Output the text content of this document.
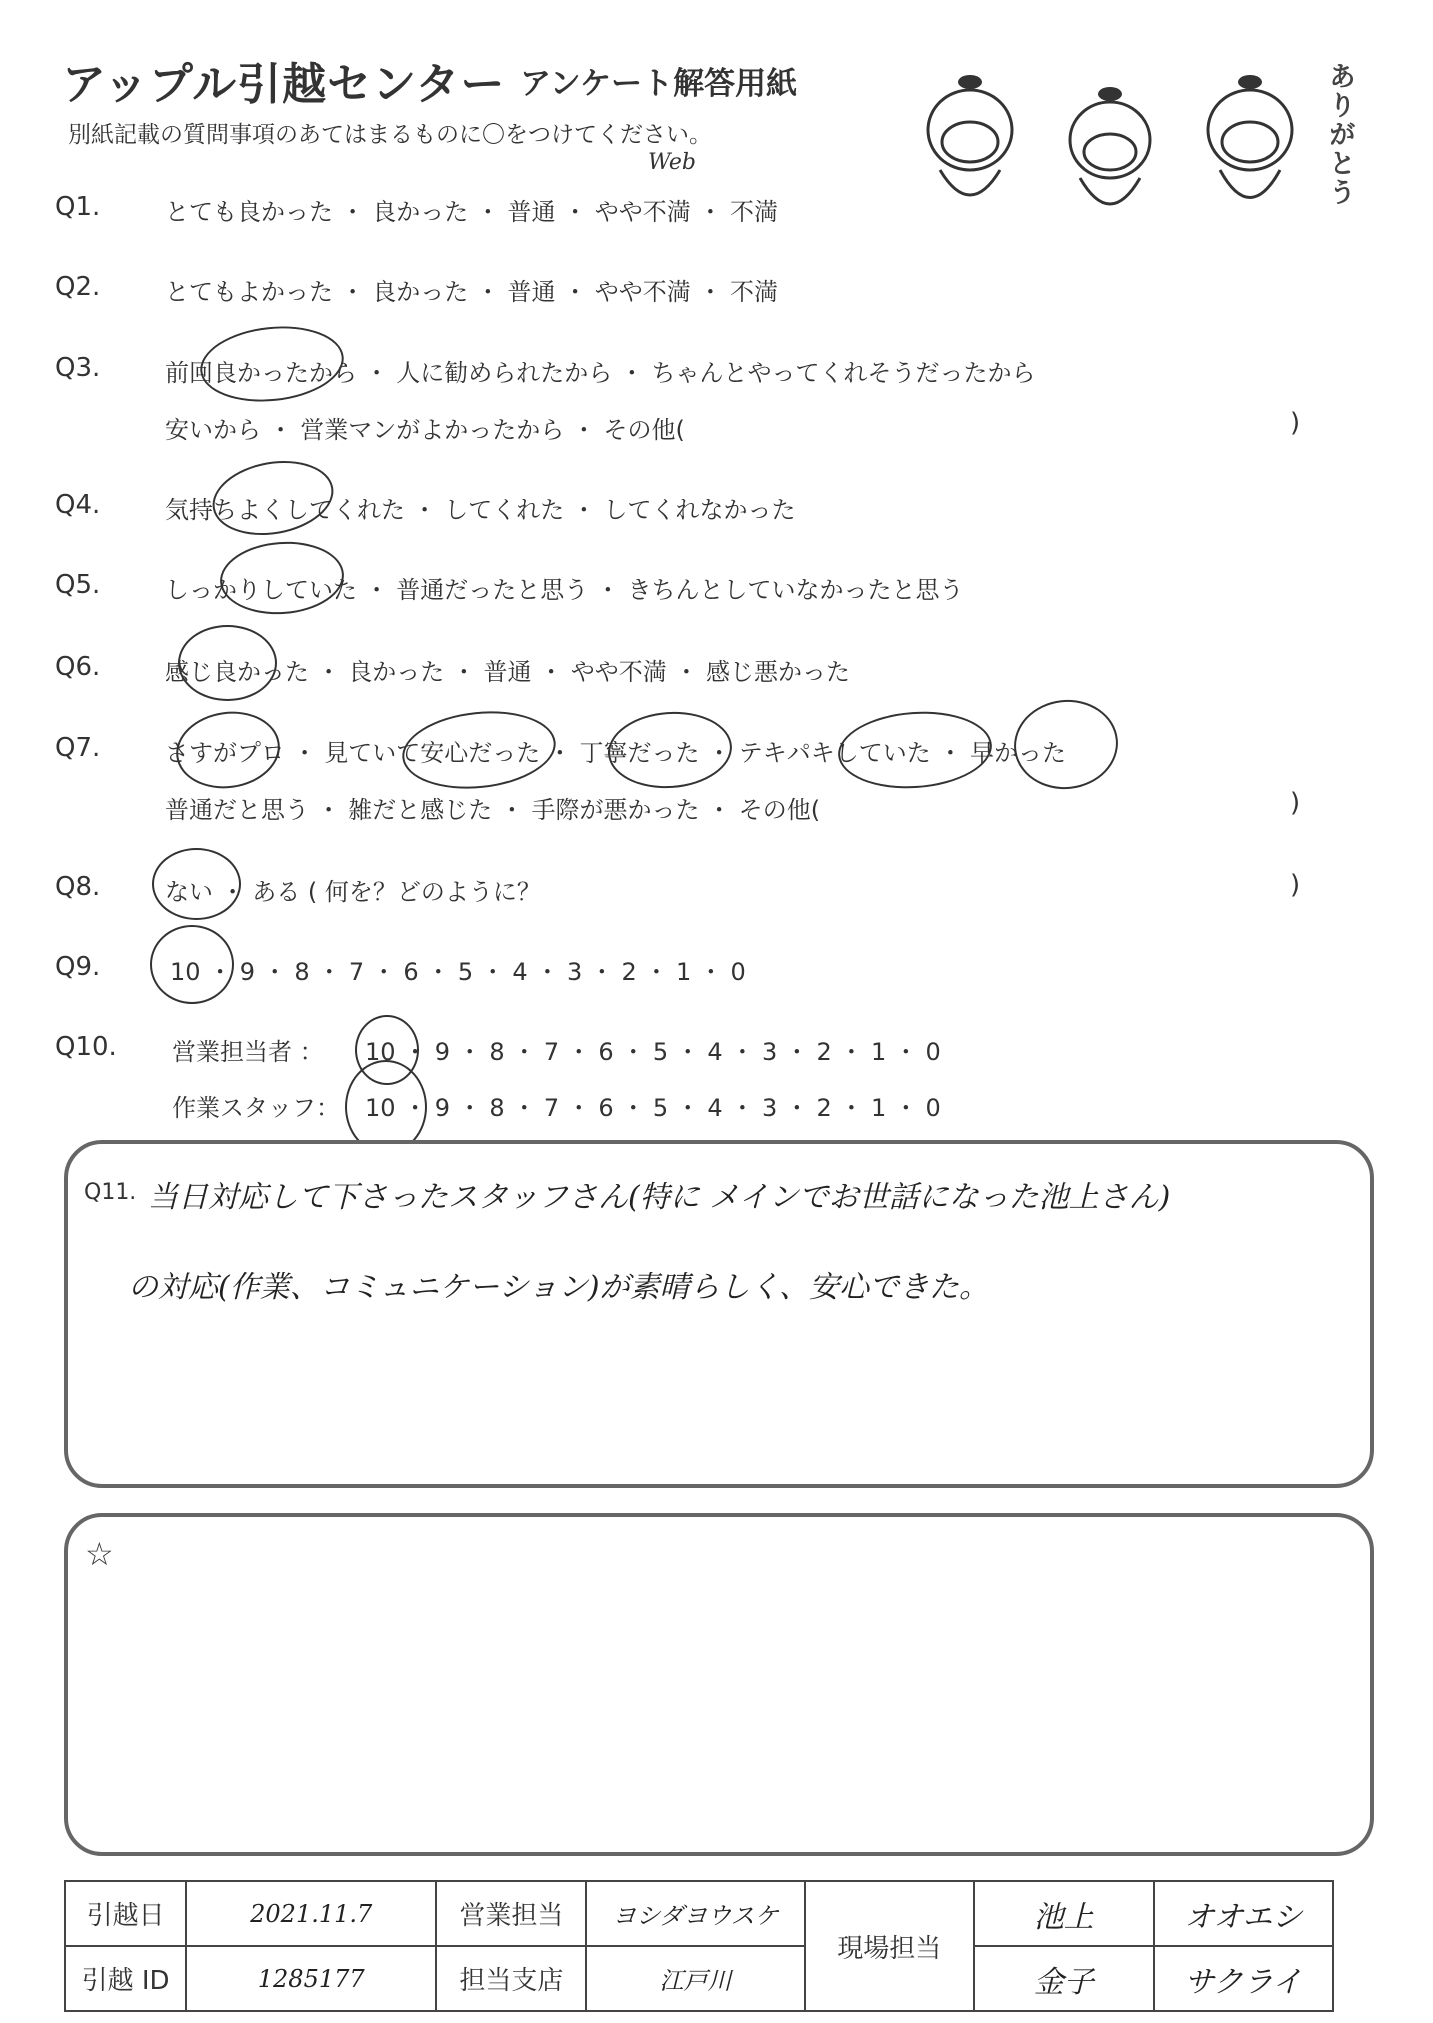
アップル引越センター アンケート解答用紙
別紙記載の質問事項のあてはまるものに〇をつけてください。	ありがとう
Q1.	とても良かった ・ 良かった ・ 普通 ・ やや不満 ・ 不満
Web
Q2.	とてもよかった ・ 良かった ・ 普通 ・ やや不満 ・ 不満
Q3.	前回良かったから ・ 人に勧められたから ・ ちゃんとやってくれそうだったから
安いから ・ 営業マンがよかったから ・ その他(	)
Q4.	気持ちよくしてくれた ・ してくれた ・ してくれなかった
Q5.	しっかりしていた ・ 普通だったと思う ・ きちんとしていなかったと思う
Q6.	感じ良かった ・ 良かった ・ 普通 ・ やや不満 ・ 感じ悪かった
Q7.	さすがプロ ・ 見ていて安心だった ・ 丁寧だった ・ テキパキしていた ・ 早かった
普通だと思う ・ 雑だと感じた ・ 手際が悪かった ・ その他(	)
Q8.	ない ・ ある ( 何を？どのように？	)
Q9.	10 ・ 9 ・ 8 ・ 7 ・ 6 ・ 5 ・ 4 ・ 3 ・ 2 ・ 1 ・ 0
Q10. 営業担当者 ： 10 ・ 9 ・ 8 ・ 7 ・ 6 ・ 5 ・ 4 ・ 3 ・ 2 ・ 1 ・ 0
作業スタッフ： 10 ・ 9 ・ 8 ・ 7 ・ 6 ・ 5 ・ 4 ・ 3 ・ 2 ・ 1 ・ 0
Q11. 当日対応して下さったスタッフさん(特に メインでお世話になった池上さん)
の対応(作業、コミュニケーション)が素晴らしく、安心できた。
☆
引越日	2021.11.7	営業担当	ヨシダヨウスケ	現場担当	池上	オオエシ
引越 ID	1285177	担当支店	江戸川		金子	サクライ
